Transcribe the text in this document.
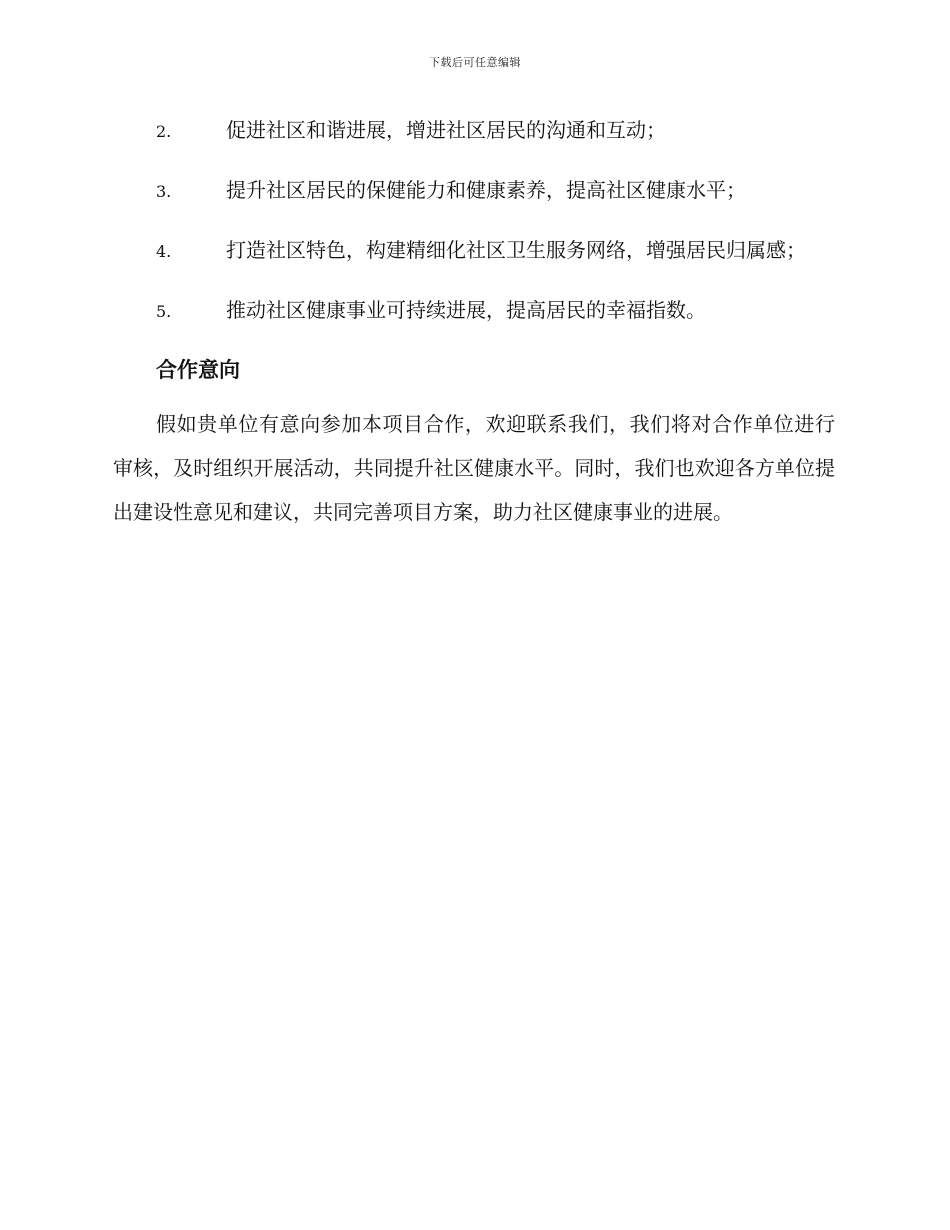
下载后可任意编辑
2.	促进社区和谐进展，增进社区居民的沟通和互动；
3.	提升社区居民的保健能力和健康素养，提高社区健康水平；
4.	打造社区特色，构建精细化社区卫生服务网络，增强居民归属感；
5.	推动社区健康事业可持续进展，提高居民的幸福指数。
合作意向

假如贵单位有意向参加本项目合作，欢迎联系我们，我们将对合作单位进行审核，及时组织开展活动，共同提升社区健康水平。同时，我们也欢迎各方单位提出建设性意见和建议，共同完善项目方案，助力社区健康事业的进展。
